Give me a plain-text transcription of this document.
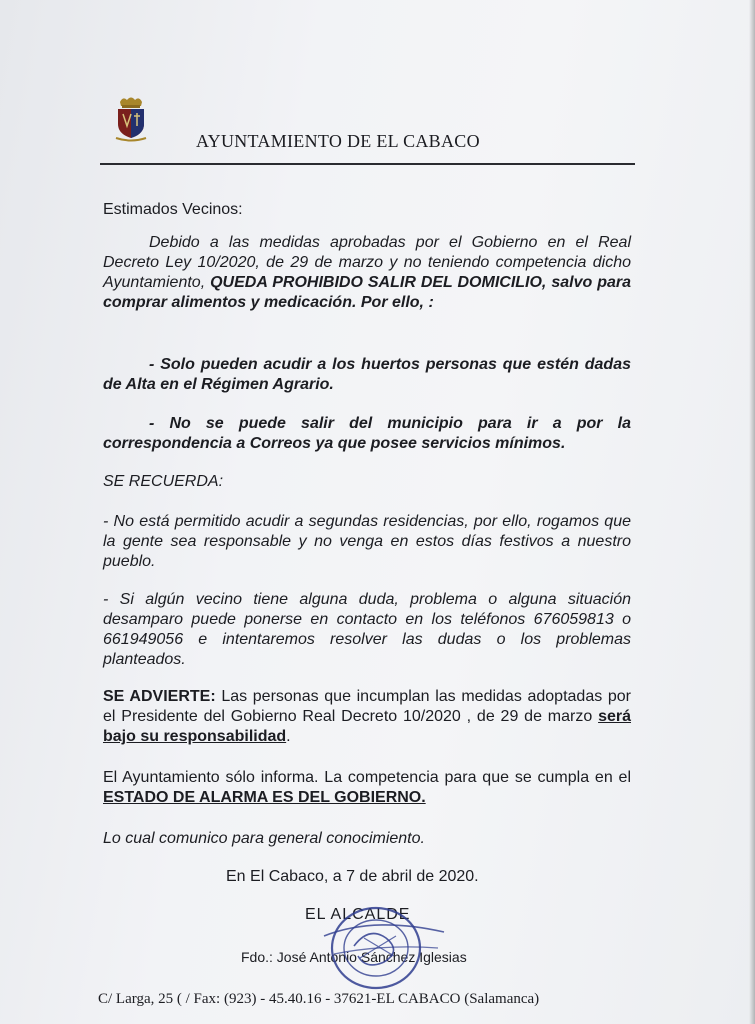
AYUNTAMIENTO DE EL CABACO
Estimados Vecinos:
Debido a las medidas aprobadas por el Gobierno en el Real Decreto Ley 10/2020, de 29 de marzo y no teniendo competencia dicho Ayuntamiento, QUEDA PROHIBIDO SALIR DEL DOMICILIO, salvo para comprar alimentos y medicación. Por ello, :
- Solo pueden acudir a los huertos personas que estén dadas de Alta en el Régimen Agrario.
- No se puede salir del municipio para ir a por la correspondencia a Correos ya que posee servicios mínimos.
SE RECUERDA:
- No está permitido acudir a segundas residencias, por ello, rogamos que la gente sea responsable y no venga en estos días festivos a nuestro pueblo.
- Si algún vecino tiene alguna duda, problema o alguna situación desamparo puede ponerse en contacto en los teléfonos 676059813 o 661949056 e intentaremos resolver las dudas o los problemas planteados.
SE ADVIERTE: Las personas que incumplan las medidas adoptadas por el Presidente del Gobierno Real Decreto 10/2020 , de 29 de marzo será bajo su responsabilidad.
El Ayuntamiento sólo informa. La competencia para que se cumpla en el ESTADO DE ALARMA ES DEL GOBIERNO.
Lo cual comunico para general conocimiento.
En El Cabaco, a 7 de abril de 2020.
EL ALCALDE
Fdo.: José Antonio Sánchez Iglesias
C/ Larga, 25 ( / Fax: (923) - 45.40.16 - 37621-EL CABACO (Salamanca)
